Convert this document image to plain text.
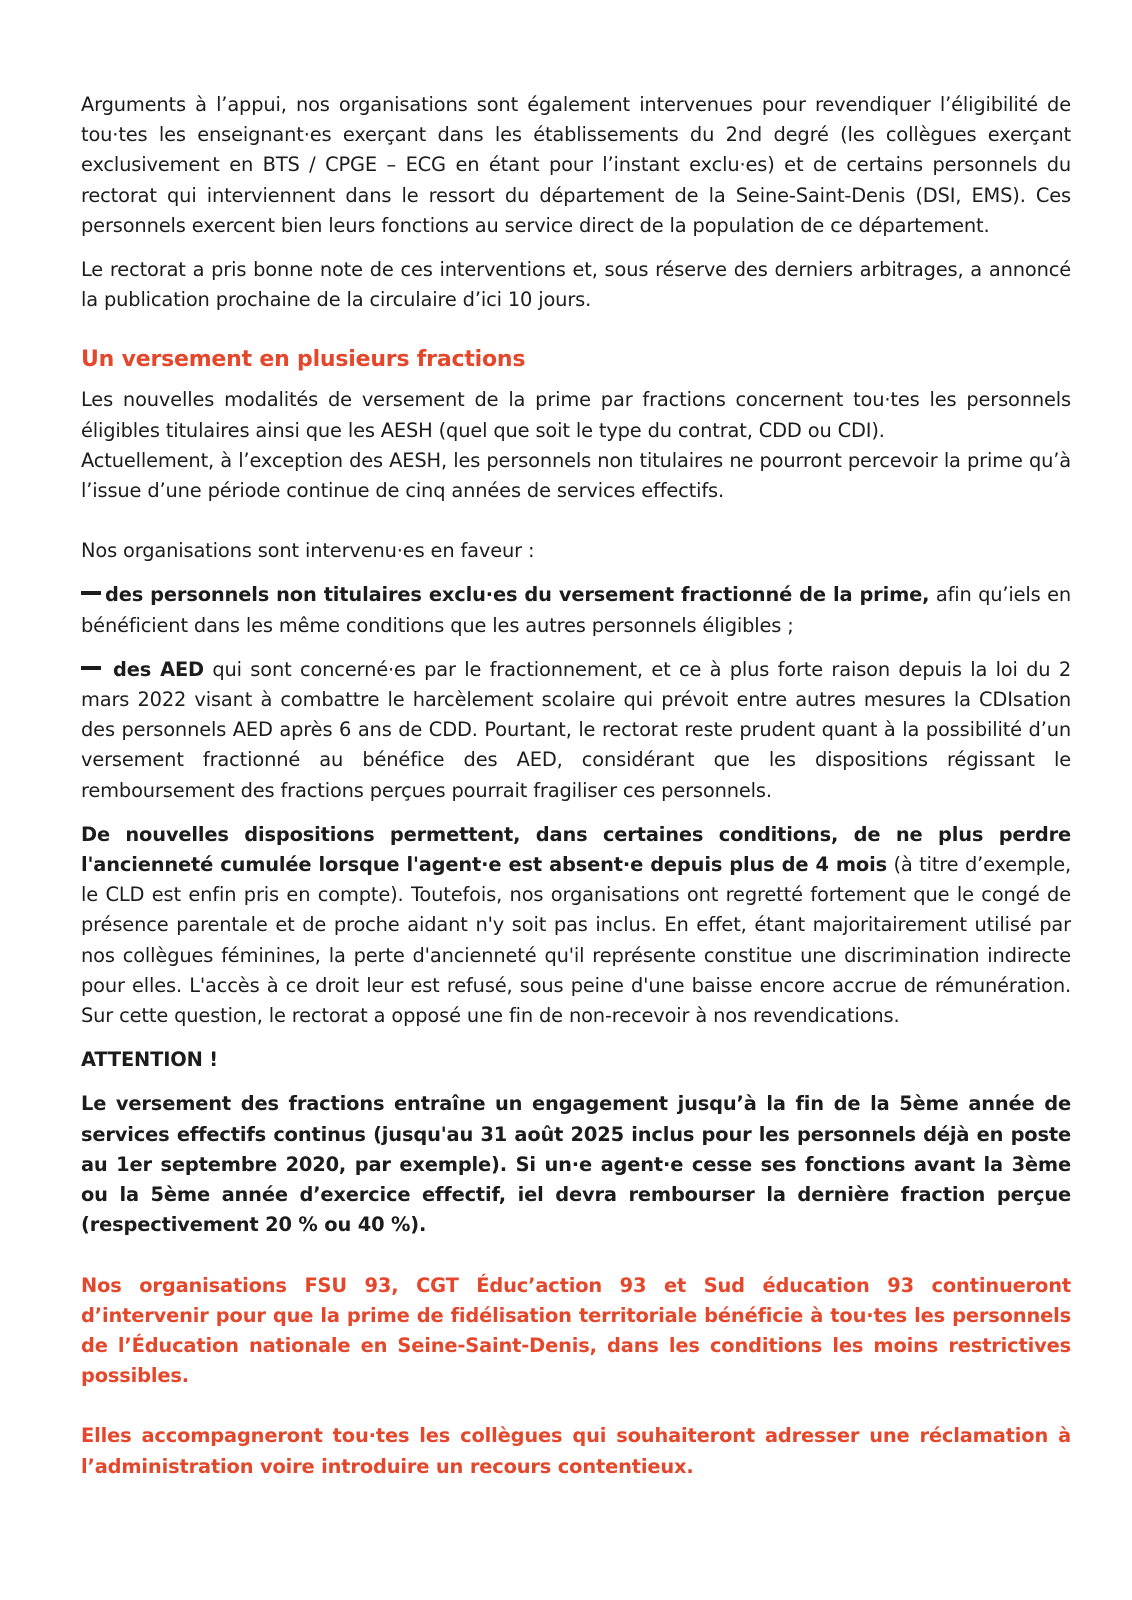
Arguments à l’appui, nos organisations sont également intervenues pour revendiquer l’éligibilité de tou·tes les enseignant·es exerçant dans les établissements du 2nd degré (les collègues exerçant exclusivement en BTS / CPGE – ECG en étant pour l’instant exclu·es) et de certains personnels du rectorat qui interviennent dans le ressort du département de la Seine-Saint-Denis (DSI, EMS). Ces personnels exercent bien leurs fonctions au service direct de la population de ce département.

Le rectorat a pris bonne note de ces interventions et, sous réserve des derniers arbitrages, a annoncé la publication prochaine de la circulaire d’ici 10 jours.

Un versement en plusieurs fractions

Les nouvelles modalités de versement de la prime par fractions concernent tou·tes les personnels éligibles titulaires ainsi que les AESH (quel que soit le type du contrat, CDD ou CDI).

Actuellement, à l’exception des AESH, les personnels non titulaires ne pourront percevoir la prime qu’à l’issue d’une période continue de cinq années de services effectifs.

Nos organisations sont intervenu·es en faveur :

des personnels non titulaires exclu·es du versement fractionné de la prime, afin qu’iels en bénéficient dans les même conditions que les autres personnels éligibles ;

des AED qui sont concerné·es par le fractionnement, et ce à plus forte raison depuis la loi du 2 mars 2022 visant à combattre le harcèlement scolaire qui prévoit entre autres mesures la CDIsation des personnels AED après 6 ans de CDD. Pourtant, le rectorat reste prudent quant à la possibilité d’un versement fractionné au bénéfice des AED, considérant que les dispositions régissant le remboursement des fractions perçues pourrait fragiliser ces personnels.

De nouvelles dispositions permettent, dans certaines conditions, de ne plus perdre l'ancienneté cumulée lorsque l'agent·e est absent·e depuis plus de 4 mois (à titre d’exemple, le CLD est enfin pris en compte). Toutefois, nos organisations ont regretté fortement que le congé de présence parentale et de proche aidant n'y soit pas inclus. En effet, étant majoritairement utilisé par nos collègues féminines, la perte d'ancienneté qu'il représente constitue une discrimination indirecte pour elles. L'accès à ce droit leur est refusé, sous peine d'une baisse encore accrue de rémunération. Sur cette question, le rectorat a opposé une fin de non-recevoir à nos revendications.

ATTENTION !

Le versement des fractions entraîne un engagement jusqu’à la fin de la 5ème année de services effectifs continus (jusqu'au 31 août 2025 inclus pour les personnels déjà en poste au 1er septembre 2020, par exemple). Si un·e agent·e cesse ses fonctions avant la 3ème ou la 5ème année d’exercice effectif, iel devra rembourser la dernière fraction perçue (respectivement 20 % ou 40 %).

Nos organisations FSU 93, CGT Éduc’action 93 et Sud éducation 93 continueront d’intervenir pour que la prime de fidélisation territoriale bénéficie à tou·tes les personnels de l’Éducation nationale en Seine-Saint-Denis, dans les conditions les moins restrictives possibles.

Elles accompagneront tou·tes les collègues qui souhaiteront adresser une réclamation à l’administration voire introduire un recours contentieux.
